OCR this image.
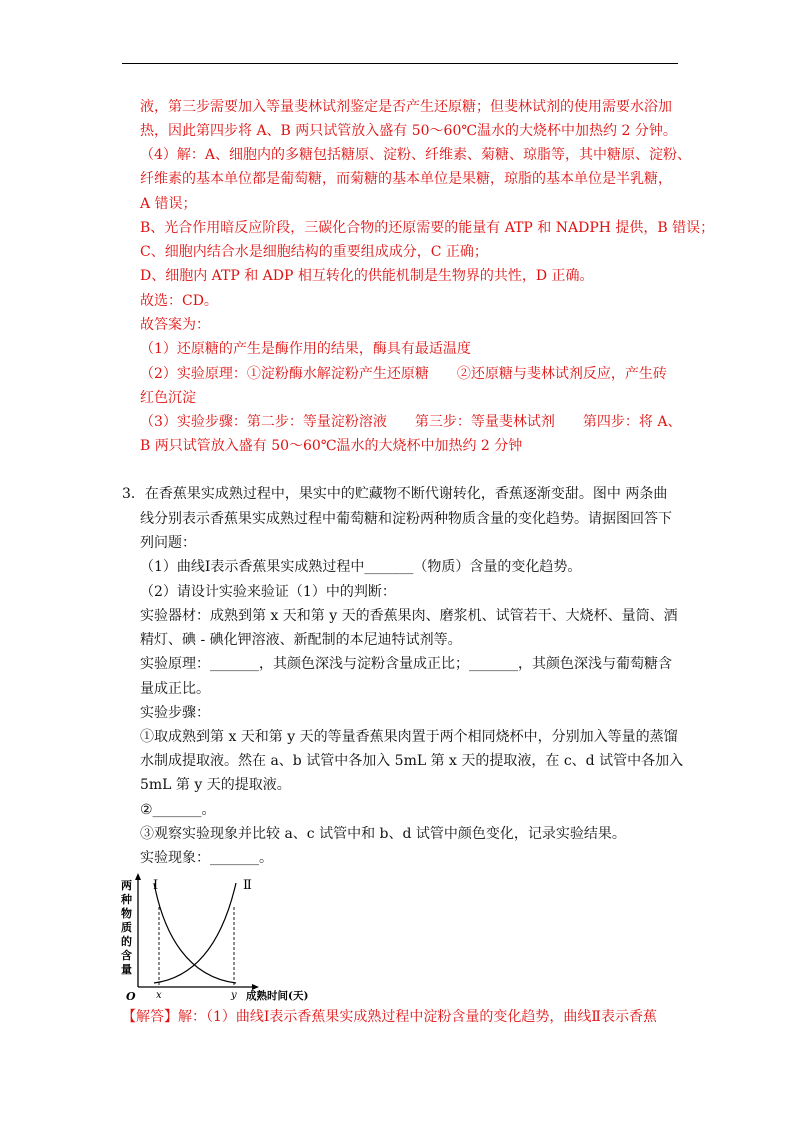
液，第三步需要加入等量斐林试剂鉴定是否产生还原糖；但斐林试剂的使用需要水浴加
热，因此第四步将 A、B 两只试管放入盛有 50～60℃温水的大烧杯中加热约 2 分钟。
（4）解：A、细胞内的多糖包括糖原、淀粉、纤维素、菊糖、琼脂等，其中糖原、淀粉、
纤维素的基本单位都是葡萄糖，而菊糖的基本单位是果糖，琼脂的基本单位是半乳糖，
A 错误；
B、光合作用暗反应阶段，三碳化合物的还原需要的能量有 ATP 和 NADPH 提供，B 错误；
C、细胞内结合水是细胞结构的重要组成成分，C 正确；
D、细胞内 ATP 和 ADP 相互转化的供能机制是生物界的共性，D 正确。
故选：CD。
故答案为：
（1）还原糖的产生是酶作用的结果，酶具有最适温度
（2）实验原理：①淀粉酶水解淀粉产生还原糖　　②还原糖与斐林试剂反应，产生砖
红色沉淀
（3）实验步骤：第二步：等量淀粉溶液　　第三步：等量斐林试剂　　第四步：将 A、
B 两只试管放入盛有 50～60℃温水的大烧杯中加热约 2 分钟
3．在香蕉果实成熟过程中，果实中的贮藏物不断代谢转化，香蕉逐渐变甜。图中 两条曲
线分别表示香蕉果实成熟过程中葡萄糖和淀粉两种物质含量的变化趋势。请据图回答下
列问题：
（1）曲线Ⅰ表示香蕉果实成熟过程中_______（物质）含量的变化趋势。
（2）请设计实验来验证（1）中的判断：
实验器材：成熟到第 x 天和第 y 天的香蕉果肉、磨浆机、试管若干、大烧杯、量筒、酒
精灯、碘 - 碘化钾溶液、新配制的本尼迪特试剂等。
实验原理：_______，其颜色深浅与淀粉含量成正比；_______，其颜色深浅与葡萄糖含
量成正比。
实验步骤：
①取成熟到第 x 天和第 y 天的等量香蕉果肉置于两个相同烧杯中，分别加入等量的蒸馏
水制成提取液。然在 a、b 试管中各加入 5mL 第 x 天的提取液，在 c、d 试管中各加入
5mL 第 y 天的提取液。
②_______。
③观察实验现象并比较 a、c 试管中和 b、d 试管中颜色变化，记录实验结果。
实验现象：_______。
两
种
物
质
的
含
量
Ⅰ	Ⅱ
O x	y 成熟时间(天)
【解答】解：（1）曲线Ⅰ表示香蕉果实成熟过程中淀粉含量的变化趋势，曲线Ⅱ表示香蕉
